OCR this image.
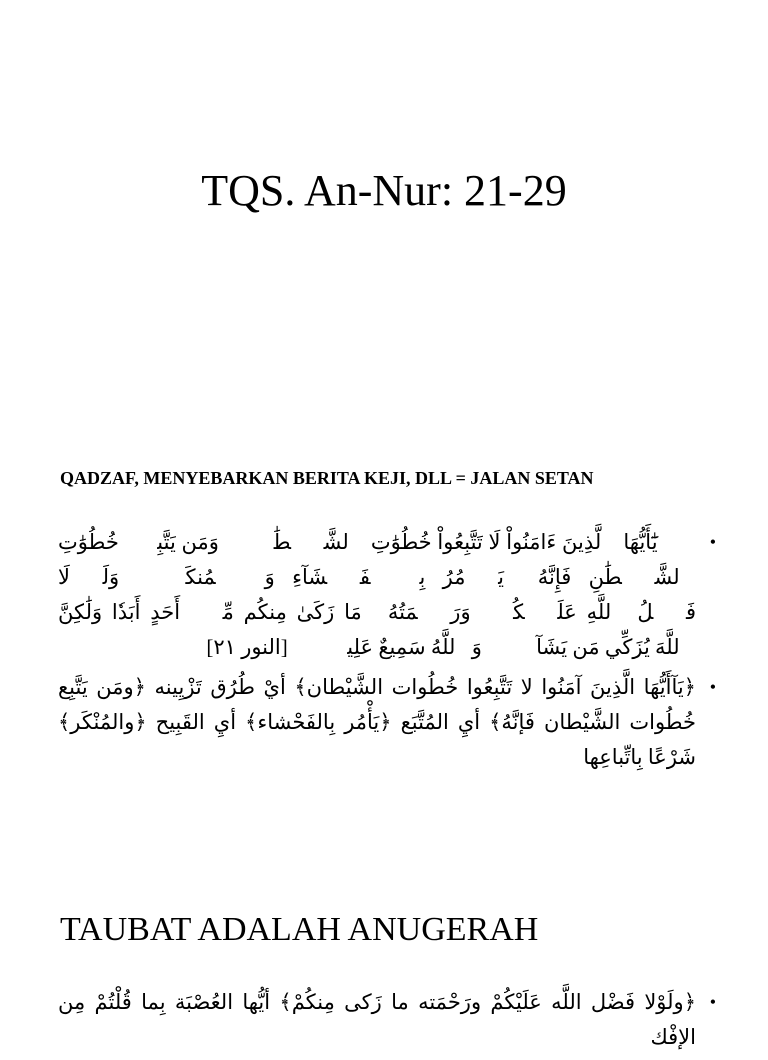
TQS. An-Nur: 21-29
QADZAF, MENYEBARKAN BERITA KEJI, DLL = JALAN SETAN
•
﴿۞ يَٰٓأَيُّهَا ٱلَّذِينَ ءَامَنُواْ لَا تَتَّبِعُواْ خُطُوَٰتِ ٱلشَّيۡطَٰنِۚ وَمَن يَتَّبِعۡ خُطُوَٰتِ ٱلشَّيۡطَٰنِ فَإِنَّهُۥ يَأۡمُرُ بِٱلۡفَحۡشَآءِ وَٱلۡمُنكَرِۚ وَلَوۡلَا فَضۡلُ ٱللَّهِ عَلَيۡكُمۡ وَرَحۡمَتُهُۥ مَا زَكَىٰ مِنكُم مِّنۡ أَحَدٍ أَبَدٗا وَلَٰكِنَّ ٱللَّهَ يُزَكِّي مَن يَشَآءُۗ وَٱللَّهُ سَمِيعٌ عَلِيمٞ ﴾ [النور ٢١]
•
﴿يَآأَيُّهَا الَّذِينَ آمَنُوا لا تَتَّبِعُوا خُطُوات الشَّيْطان﴾ أيْ طُرُق تَزْيِينه ﴿ومَن يَتَّبِع خُطُوات الشَّيْطان فَإنَّهُ﴾ أيِ المُتَّبَع ﴿يَأْمُر بِالفَحْشاء﴾ أيِ القَبِيح ﴿والمُنْكَر﴾ شَرْعًا بِاتِّباعِها
TAUBAT ADALAH ANUGERAH
•
﴿ولَوْلا فَضْل اللَّه عَلَيْكُمْ ورَحْمَته ما زَكى مِنكُمْ﴾ أيُّها العُصْبَة بِما قُلْتُمْ مِن الإفْك
